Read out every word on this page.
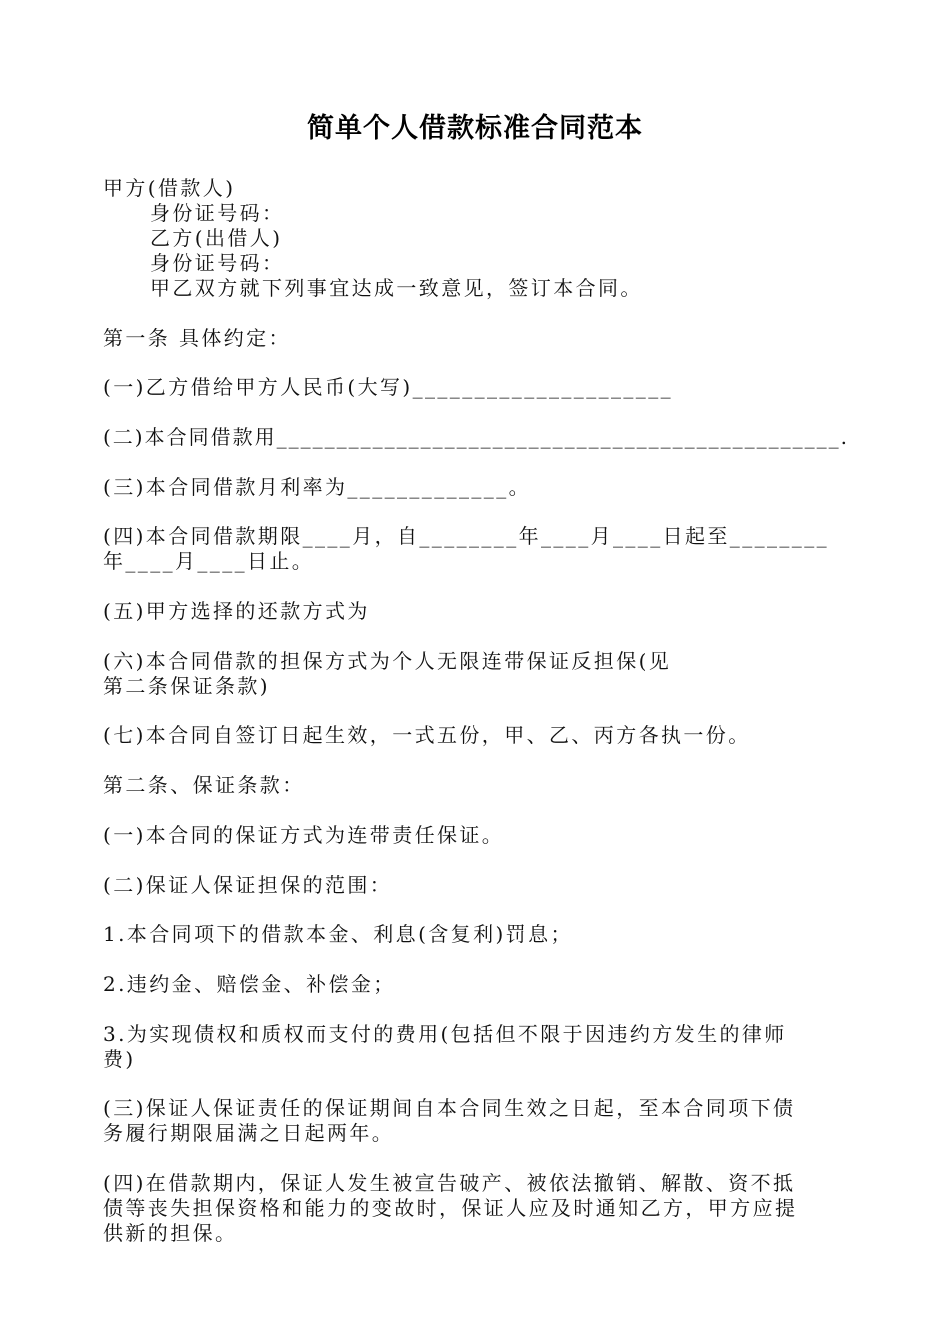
简单个人借款标准合同范本
甲方(借款人)
身份证号码：
乙方(出借人)
身份证号码：
甲乙双方就下列事宜达成一致意见，签订本合同。
第一条 具体约定：
(一)乙方借给甲方人民币(大写)_____________________
(二)本合同借款用_______________________________________________.
(三)本合同借款月利率为_____________。
(四)本合同借款期限____月，自________年____月____日起至________
年____月____日止。
(五)甲方选择的还款方式为
(六)本合同借款的担保方式为个人无限连带保证反担保(见
第二条保证条款)
(七)本合同自签订日起生效，一式五份，甲、乙、丙方各执一份。
第二条、保证条款：
(一)本合同的保证方式为连带责任保证。
(二)保证人保证担保的范围：
1.本合同项下的借款本金、利息(含复利)罚息；
2.违约金、赔偿金、补偿金；
3.为实现债权和质权而支付的费用(包括但不限于因违约方发生的律师
费)
(三)保证人保证责任的保证期间自本合同生效之日起，至本合同项下债
务履行期限届满之日起两年。
(四)在借款期内，保证人发生被宣告破产、被依法撤销、解散、资不抵
债等丧失担保资格和能力的变故时，保证人应及时通知乙方，甲方应提
供新的担保。
